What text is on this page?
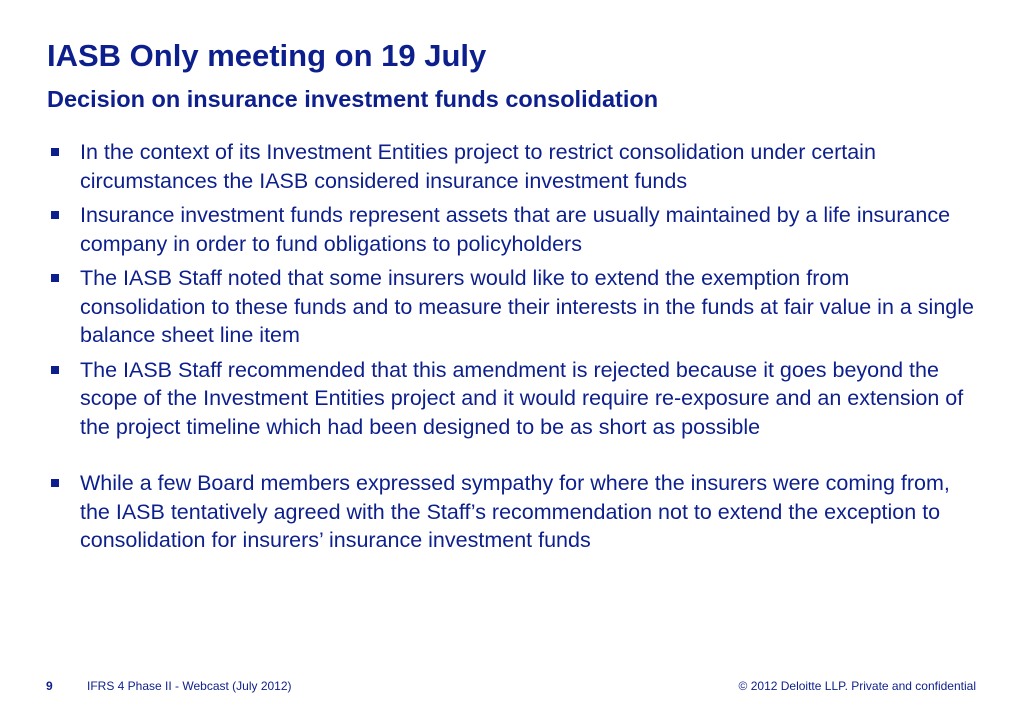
IASB Only meeting on 19 July
Decision on insurance investment funds consolidation
In the context of its Investment Entities project to restrict consolidation under certain circumstances the IASB considered insurance investment funds
Insurance investment funds represent assets that are usually maintained by a life insurance company in order to fund obligations to policyholders
The IASB Staff noted that some insurers would like to extend the exemption from consolidation to these funds and to measure their interests in the funds at fair value in a single balance sheet line item
The IASB Staff recommended that this amendment is rejected because it goes beyond the scope of the Investment Entities project and it would require re-exposure and an extension of the project timeline which had been designed to be as short as possible
While a few Board members expressed sympathy for where the insurers were coming from, the IASB tentatively agreed with the Staff’s recommendation not to extend the exception to consolidation for insurers’ insurance investment funds
9	IFRS 4 Phase II - Webcast (July 2012)	© 2012 Deloitte LLP. Private and confidential
